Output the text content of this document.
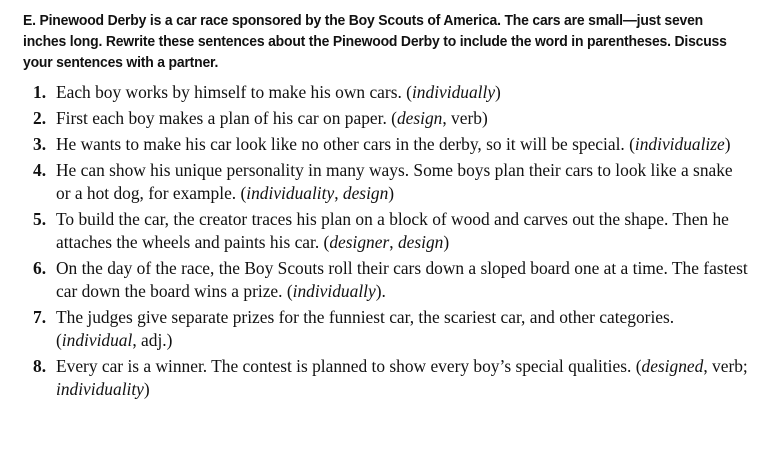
E. Pinewood Derby is a car race sponsored by the Boy Scouts of America. The cars are small—just seven inches long. Rewrite these sentences about the Pinewood Derby to include the word in parentheses. Discuss your sentences with a partner.

1. Each boy works by himself to make his own cars. (individually)
2. First each boy makes a plan of his car on paper. (design, verb)
3. He wants to make his car look like no other cars in the derby, so it will be special. (individualize)
4. He can show his unique personality in many ways. Some boys plan their cars to look like a snake or a hot dog, for example. (individuality, design)
5. To build the car, the creator traces his plan on a block of wood and carves out the shape. Then he attaches the wheels and paints his car. (designer, design)
6. On the day of the race, the Boy Scouts roll their cars down a sloped board one at a time. The fastest car down the board wins a prize. (individually).
7. The judges give separate prizes for the funniest car, the scariest car, and other categories. (individual, adj.)
8. Every car is a winner. The contest is planned to show every boy’s special qualities. (designed, verb; individuality)
